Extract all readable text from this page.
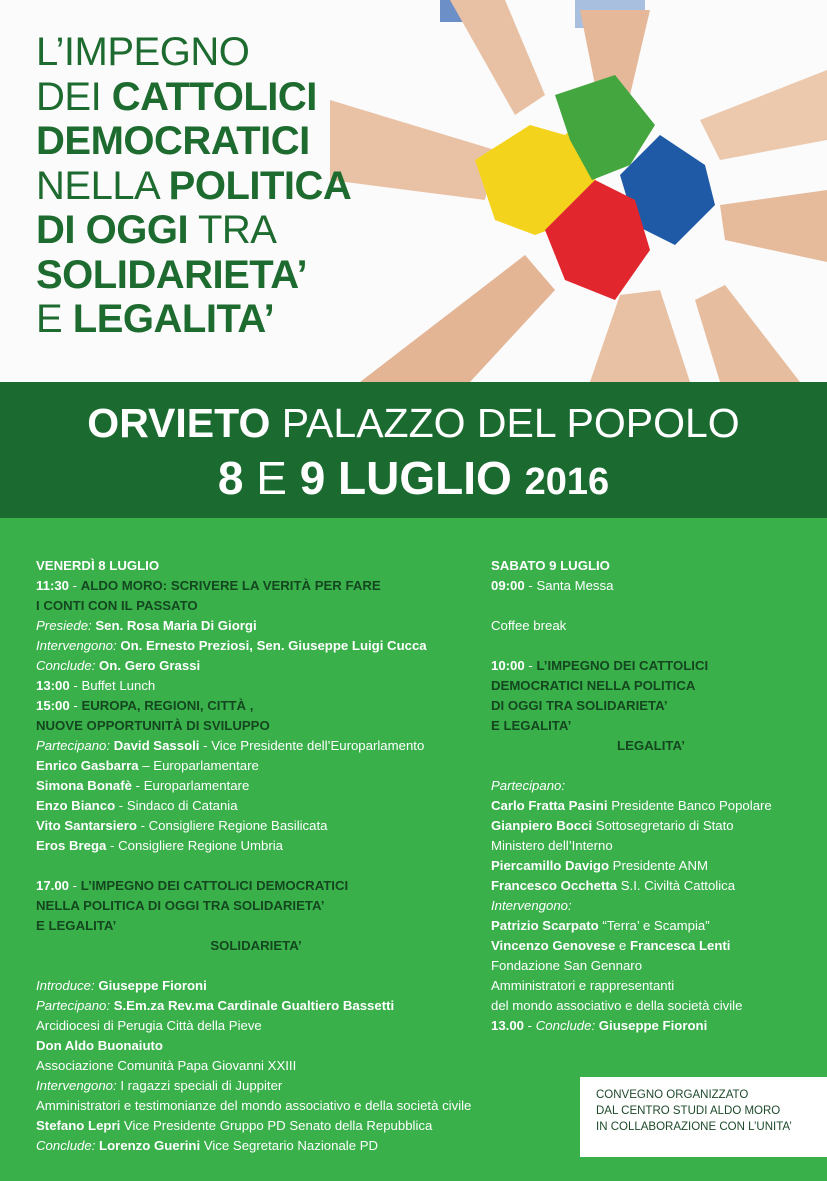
L’IMPEGNO
DEI CATTOLICI
DEMOCRATICI
NELLA POLITICA
DI OGGI TRA
SOLIDARIETA’
E LEGALITA’
ORVIETO PALAZZO DEL POPOLO
8 E 9 LUGLIO 2016
VENERDÌ 8 LUGLIO
11:30 - ALDO MORO: SCRIVERE LA VERITÀ PER FARE
I CONTI CON IL PASSATO
Presiede: Sen. Rosa Maria Di Giorgi
Intervengono: On. Ernesto Preziosi, Sen. Giuseppe Luigi Cucca
Conclude: On. Gero Grassi
13:00 - Buffet Lunch
15:00 - EUROPA, REGIONI, CITTÀ ,
NUOVE OPPORTUNITÀ DI SVILUPPO
Partecipano: David Sassoli - Vice Presidente dell’Europarlamento
Enrico Gasbarra – Europarlamentare
Simona Bonafè - Europarlamentare
Enzo Bianco - Sindaco di Catania
Vito Santarsiero - Consigliere Regione Basilicata
Eros Brega - Consigliere Regione Umbria
17.00 - L’IMPEGNO DEI CATTOLICI DEMOCRATICI
NELLA POLITICA DI OGGI TRA SOLIDARIETA’
E LEGALITA’
SOLIDARIETA’
Introduce: Giuseppe Fioroni
Partecipano: S.Em.za Rev.ma Cardinale Gualtiero Bassetti
Arcidiocesi di Perugia Città della Pieve
Don Aldo Buonaiuto
Associazione Comunità Papa Giovanni XXIII
Intervengono: I ragazzi speciali di Juppiter
Amministratori e testimonianze del mondo associativo e della società civile
Stefano Lepri Vice Presidente Gruppo PD Senato della Repubblica
Conclude: Lorenzo Guerini Vice Segretario Nazionale PD
SABATO 9 LUGLIO
09:00 - Santa Messa
Coffee break
10:00 - L’IMPEGNO DEI CATTOLICI
DEMOCRATICI NELLA POLITICA
DI OGGI TRA SOLIDARIETA’
E LEGALITA’
LEGALITA’
Partecipano:
Carlo Fratta Pasini Presidente Banco Popolare
Gianpiero Bocci Sottosegretario di Stato
Ministero dell’Interno
Piercamillo Davigo Presidente ANM
Francesco Occhetta S.I. Civiltà Cattolica
Intervengono:
Patrizio Scarpato “Terra’ e Scampia”
Vincenzo Genovese e Francesca Lenti
Fondazione San Gennaro
Amministratori e rappresentanti
del mondo associativo e della società civile
13.00 - Conclude: Giuseppe Fioroni
CONVEGNO ORGANIZZATO
DAL CENTRO STUDI ALDO MORO
IN COLLABORAZIONE CON L’UNITA’
